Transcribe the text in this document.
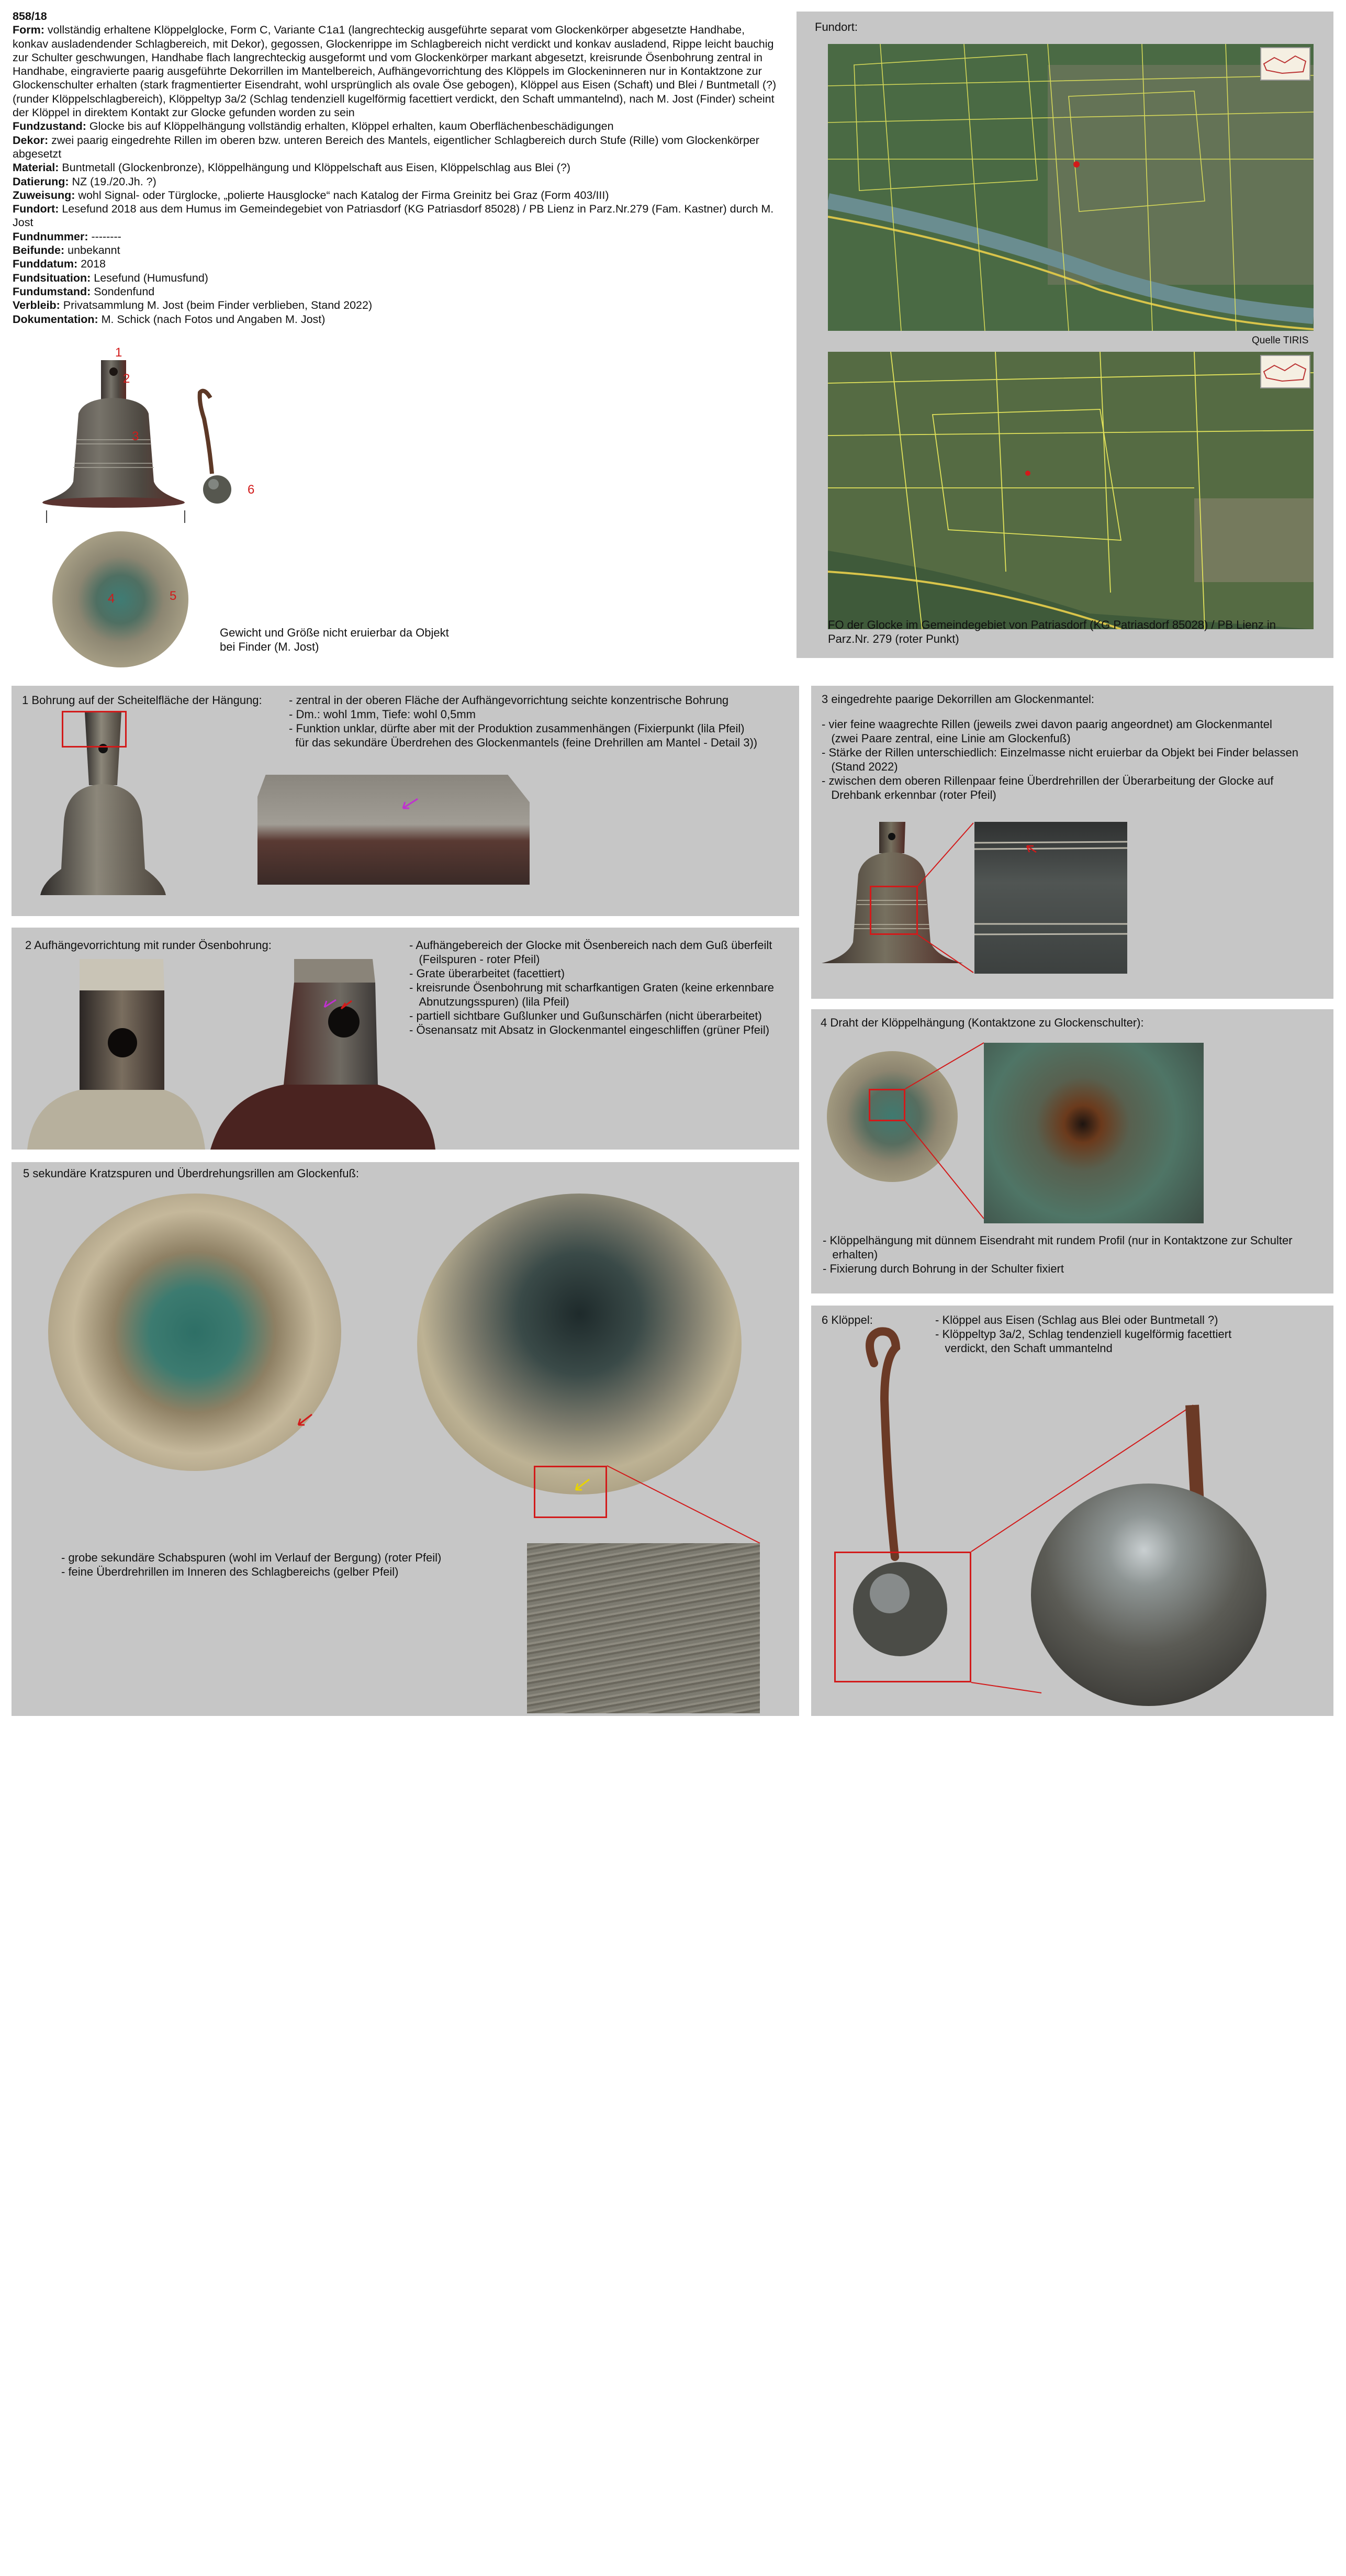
858/18

Form: vollständig erhaltene Klöppelglocke, Form C, Variante C1a1 (langrechteckig ausgeführte separat vom Glockenkörper abgesetzte Handhabe, konkav ausladendender Schlagbereich, mit Dekor), gegossen, Glockenrippe im Schlagbereich nicht verdickt und konkav ausladend, Rippe leicht bauchig zur Schulter geschwungen, Handhabe flach langrechteckig ausgeformt und vom Glockenkörper markant abgesetzt, kreisrunde Ösenbohrung zentral in Handhabe, eingravierte paarig ausgeführte Dekorrillen im Mantelbereich, Aufhängevorrichtung des Klöppels im Glockeninneren nur in Kontaktzone zur Glockenschulter erhalten (stark fragmentierter Eisendraht, wohl ursprünglich als ovale Öse gebogen), Klöppel aus Eisen (Schaft) und Blei / Buntmetall (?) (runder Klöppelschlagbereich), Klöppeltyp 3a/2 (Schlag tendenziell kugelförmig facettiert verdickt, den Schaft ummantelnd), nach M. Jost (Finder) scheint der Klöppel in direktem Kontakt zur Glocke gefunden worden zu sein

Fundzustand: Glocke bis auf Klöppelhängung vollständig erhalten, Klöppel erhalten, kaum Oberflächenbeschädigungen

Dekor: zwei paarig eingedrehte Rillen im oberen bzw. unteren Bereich des Mantels, eigentlicher Schlagbereich durch Stufe (Rille) vom Glockenkörper abgesetzt

Material: Buntmetall (Glockenbronze), Klöppelhängung und Klöppelschaft aus Eisen, Klöppelschlag aus Blei (?)

Datierung: NZ (19./20.Jh. ?)

Zuweisung: wohl Signal- oder Türglocke, „polierte Hausglocke“ nach Katalog der Firma Greinitz bei Graz (Form 403/III)

Fundort: Lesefund 2018 aus dem Humus im Gemeindegebiet von Patriasdorf (KG Patriasdorf 85028) / PB Lienz in Parz.Nr.279 (Fam. Kastner) durch M. Jost

Fundnummer: --------

Beifunde: unbekannt

Funddatum: 2018

Fundsituation: Lesefund (Humusfund)

Fundumstand: Sondenfund

Verbleib: Privatsammlung M. Jost (beim Finder verblieben, Stand 2022)

Dokumentation: M. Schick (nach Fotos und Angaben M. Jost)

1
2
3
6
4	5
Gewicht und Größe nicht eruierbar da Objekt
bei Finder (M. Jost)
Fundort:
Quelle TIRIS
FO der Glocke im Gemeindegebiet von Patriasdorf (KG Patriasdorf 85028) / PB Lienz in
Parz.Nr. 279 (roter Punkt)
1 Bohrung auf der Scheitelfläche der Hängung: - zentral in der oberen Fläche der Aufhängevorrichtung seichte konzentrische Bohrung
- Dm.: wohl 1mm, Tiefe: wohl 0,5mm
- Funktion unklar, dürfte aber mit der Produktion zusammenhängen (Fixierpunkt (lila Pfeil)
für das sekundäre Überdrehen des Glockenmantels (feine Drehrillen am Mantel - Detail 3))

2 Aufhängevorrichtung mit runder Ösenbohrung:	- Aufhängebereich der Glocke mit Ösenbereich nach dem Guß überfeilt
(Feilspuren - roter Pfeil)
- Grate überarbeitet (facettiert)
- kreisrunde Ösenbohrung mit scharfkantigen Graten (keine erkennbare
Abnutzungsspuren) (lila Pfeil)
- partiell sichtbare Gußlunker und Gußunschärfen (nicht überarbeitet)
- Ösenansatz mit Absatz in Glockenmantel eingeschliffen (grüner Pfeil)

3 eingedrehte paarige Dekorrillen am Glockenmantel:

- vier feine waagrechte Rillen (jeweils zwei davon paarig angeordnet) am Glockenmantel
(zwei Paare zentral, eine Linie am Glockenfuß)
- Stärke der Rillen unterschiedlich: Einzelmasse nicht eruierbar da Objekt bei Finder belassen
(Stand 2022)
- zwischen dem oberen Rillenpaar feine Überdrehrillen der Überarbeitung der Glocke auf
Drehbank erkennbar (roter Pfeil)

4 Draht der Klöppelhängung (Kontaktzone zu Glockenschulter):

- Klöppelhängung mit dünnem Eisendraht mit rundem Profil (nur in Kontaktzone zur Schulter
erhalten)
- Fixierung durch Bohrung in der Schulter fixiert

5 sekundäre Kratzspuren und Überdrehungsrillen am Glockenfuß:

- grobe sekundäre Schabspuren (wohl im Verlauf der Bergung) (roter Pfeil)
- feine Überdrehrillen im Inneren des Schlagbereichs (gelber Pfeil)

6 Klöppel:	- Klöppel aus Eisen (Schlag aus Blei oder Buntmetall ?)
- Klöppeltyp 3a/2, Schlag tendenziell kugelförmig facettiert
verdickt, den Schaft ummantelnd
